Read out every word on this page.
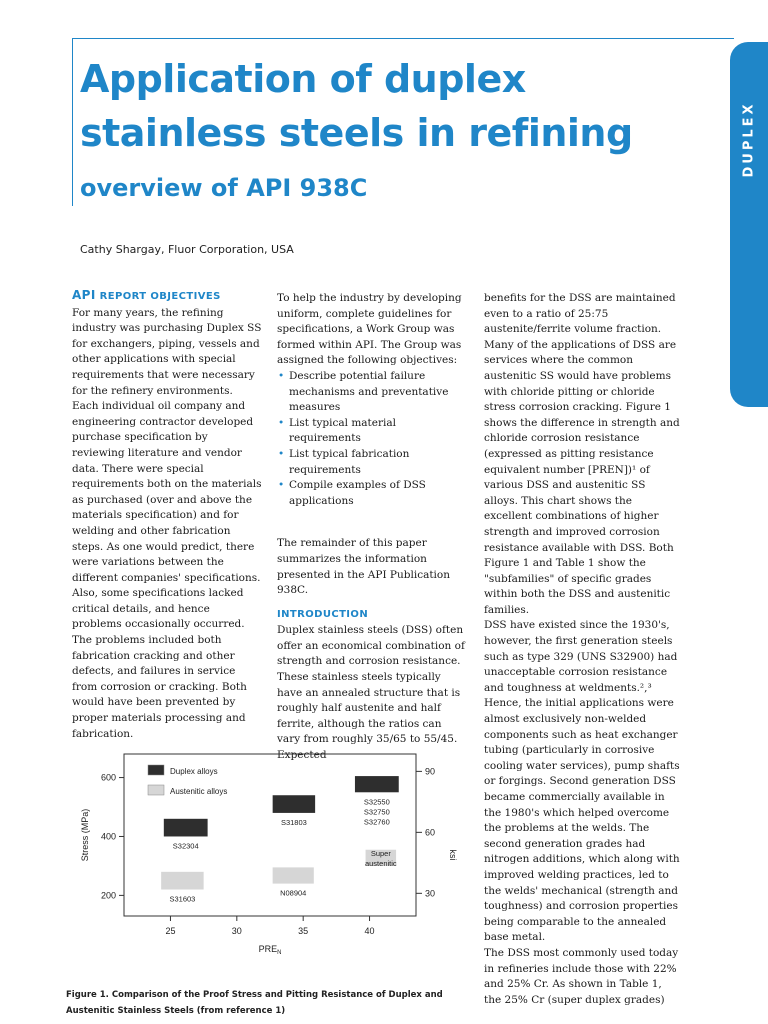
DUPLEX
Application of duplex stainless steels in refining
overview of API 938C
Cathy Shargay, Fluor Corporation, USA
API REPORT OBJECTIVES

For many years, the refining industry was purchasing Duplex SS for exchangers, piping, vessels and other applications with special requirements that were necessary for the refinery environments. Each individual oil company and engineering contractor developed purchase specification by reviewing literature and vendor data. There were special requirements both on the materials as purchased (over and above the materials specification) and for welding and other fabrication steps. As one would predict, there were variations between the different companies' specifications. Also, some specifications lacked critical details, and hence problems occasionally occurred. The problems included both fabrication cracking and other defects, and failures in service from corrosion or cracking. Both would have been prevented by proper materials processing and fabrication.

To help the industry by developing uniform, complete guidelines for specifications, a Work Group was formed within API. The Group was assigned the following objectives:

• Describe potential failure mechanisms and preventative measures
• List typical material requirements
• List typical fabrication requirements
• Compile examples of DSS applications

The remainder of this paper summarizes the information presented in the API Publication 938C.

INTRODUCTION

Duplex stainless steels (DSS) often offer an economical combination of strength and corrosion resistance. These stainless steels typically have an annealed structure that is roughly half austenite and half ferrite, although the ratios can vary from roughly 35/65 to 55/45. Expected

benefits for the DSS are maintained even to a ratio of 25:75 austenite/ferrite volume fraction. Many of the applications of DSS are services where the common austenitic SS would have problems with chloride pitting or chloride stress corrosion cracking. Figure 1 shows the difference in strength and chloride corrosion resistance (expressed as pitting resistance equivalent number [PREN])¹ of various DSS and austenitic SS alloys. This chart shows the excellent combinations of higher strength and improved corrosion resistance available with DSS. Both Figure 1 and Table 1 show the "subfamilies" of specific grades within both the DSS and austenitic families.

DSS have existed since the 1930's, however, the first generation steels such as type 329 (UNS S32900) had unacceptable corrosion resistance and toughness at weldments.²,³ Hence, the initial applications were almost exclusively non-welded components such as heat exchanger tubing (particularly in corrosive cooling water services), pump shafts or forgings. Second generation DSS became commercially available in the 1980's which helped overcome the problems at the welds. The second generation grades had nitrogen additions, which along with improved welding practices, led to the welds' mechanical (strength and toughness) and corrosion properties being comparable to the annealed base metal.

The DSS most commonly used today in refineries include those with 22% and 25% Cr. As shown in Table 1, the 25% Cr (super duplex grades)

25	30	35	40
200
400
600
30
60
90
$PRE_N$
Stress (MPa)	ksi
Duplex alloys
Austenitic alloys
S32304
S31803
S32550
S32750
S32760
S31603
N08904
Super
austenitic
Figure 1. Comparison of the Proof Stress and Pitting Resistance of Duplex and Austenitic Stainless Steels (from reference 1)
